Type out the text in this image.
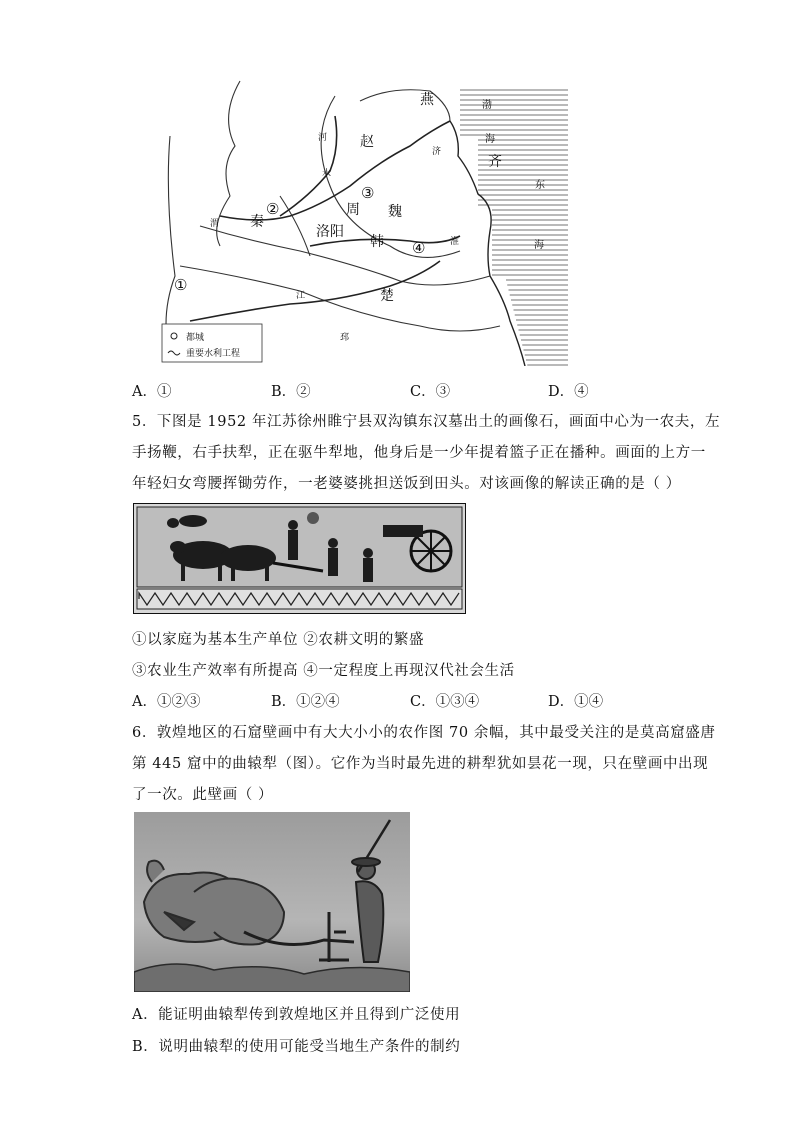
①
②
③
④
燕
赵
齐
魏
周
秦
洛阳
韩
楚
渤
海
东
海
河
水
济
江
渭
淮
邳
都城
重要水利工程
A．①	B．②	C．③	D．④
5．下图是 1952 年江苏徐州睢宁县双沟镇东汉墓出土的画像石，画面中心为一农夫，左
手扬鞭，右手扶犁，正在驱牛犁地，他身后是一少年提着篮子正在播种。画面的上方一
年轻妇女弯腰挥锄劳作，一老婆婆挑担送饭到田头。对该画像的解读正确的是（ ）
①以家庭为基本生产单位 ②农耕文明的繁盛
③农业生产效率有所提高 ④一定程度上再现汉代社会生活
A．①②③	B．①②④	C．①③④	D．①④
6．敦煌地区的石窟壁画中有大大小小的农作图 70 余幅，其中最受关注的是莫高窟盛唐
第 445 窟中的曲辕犁（图）。它作为当时最先进的耕犁犹如昙花一现，只在壁画中出现
了一次。此壁画（ ）
A．能证明曲辕犁传到敦煌地区并且得到广泛使用
B．说明曲辕犁的使用可能受当地生产条件的制约
